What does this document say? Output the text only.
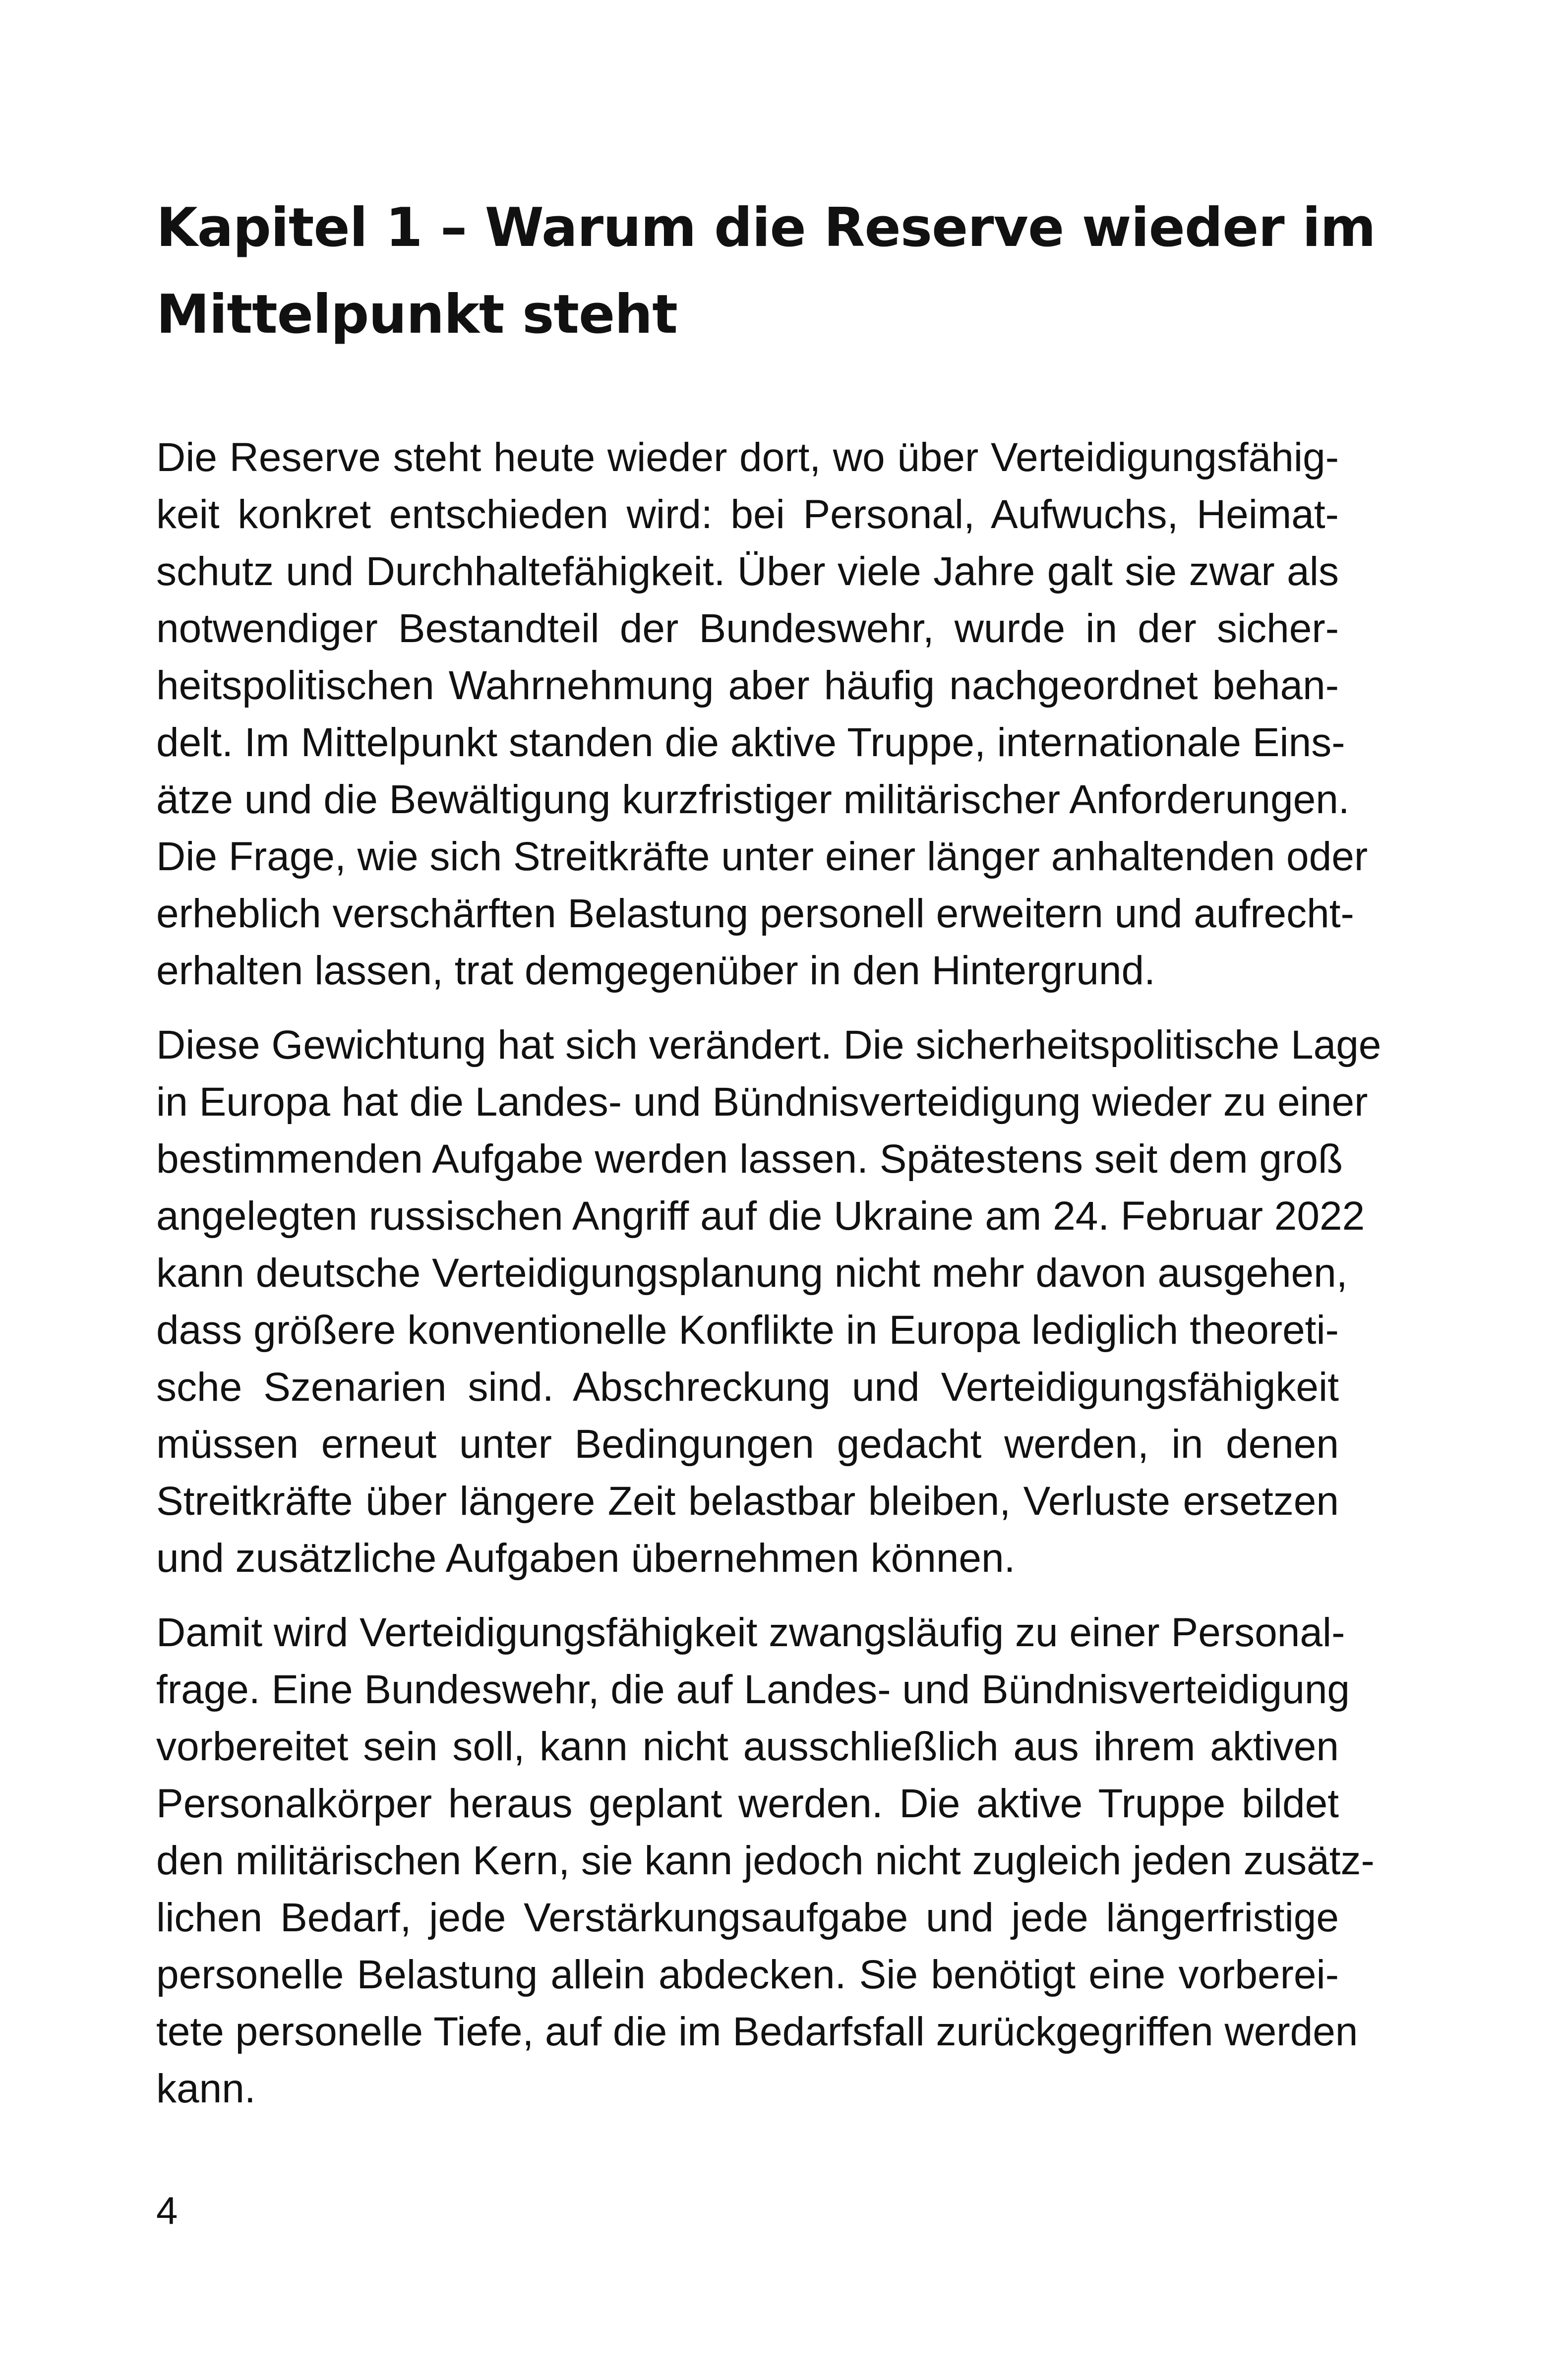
Kapitel 1 – Warum die Reserve wieder im
Mittelpunkt steht

Die Reserve steht heute wieder dort, wo über Verteidigungsfähig-
keit konkret entschieden wird: bei Personal, Aufwuchs, Heimat-
schutz und Durchhaltefähigkeit. Über viele Jahre galt sie zwar als
notwendiger Bestandteil der Bundeswehr, wurde in der sicher-
heitspolitischen Wahrnehmung aber häufig nachgeordnet behan-
delt. Im Mittelpunkt standen die aktive Truppe, internationale Eins-
ätze und die Bewältigung kurzfristiger militärischer Anforderungen.
Die Frage, wie sich Streitkräfte unter einer länger anhaltenden oder
erheblich verschärften Belastung personell erweitern und aufrecht-
erhalten lassen, trat demgegenüber in den Hintergrund.

Diese Gewichtung hat sich verändert. Die sicherheitspolitische Lage
in Europa hat die Landes- und Bündnisverteidigung wieder zu einer
bestimmenden Aufgabe werden lassen. Spätestens seit dem groß
angelegten russischen Angriff auf die Ukraine am 24. Februar 2022
kann deutsche Verteidigungsplanung nicht mehr davon ausgehen,
dass größere konventionelle Konflikte in Europa lediglich theoreti-
sche Szenarien sind. Abschreckung und Verteidigungsfähigkeit
müssen erneut unter Bedingungen gedacht werden, in denen
Streitkräfte über längere Zeit belastbar bleiben, Verluste ersetzen
und zusätzliche Aufgaben übernehmen können.

Damit wird Verteidigungsfähigkeit zwangsläufig zu einer Personal-
frage. Eine Bundeswehr, die auf Landes- und Bündnisverteidigung
vorbereitet sein soll, kann nicht ausschließlich aus ihrem aktiven
Personalkörper heraus geplant werden. Die aktive Truppe bildet
den militärischen Kern, sie kann jedoch nicht zugleich jeden zusätz-
lichen Bedarf, jede Verstärkungsaufgabe und jede längerfristige
personelle Belastung allein abdecken. Sie benötigt eine vorberei-
tete personelle Tiefe, auf die im Bedarfsfall zurückgegriffen werden
kann.

4
